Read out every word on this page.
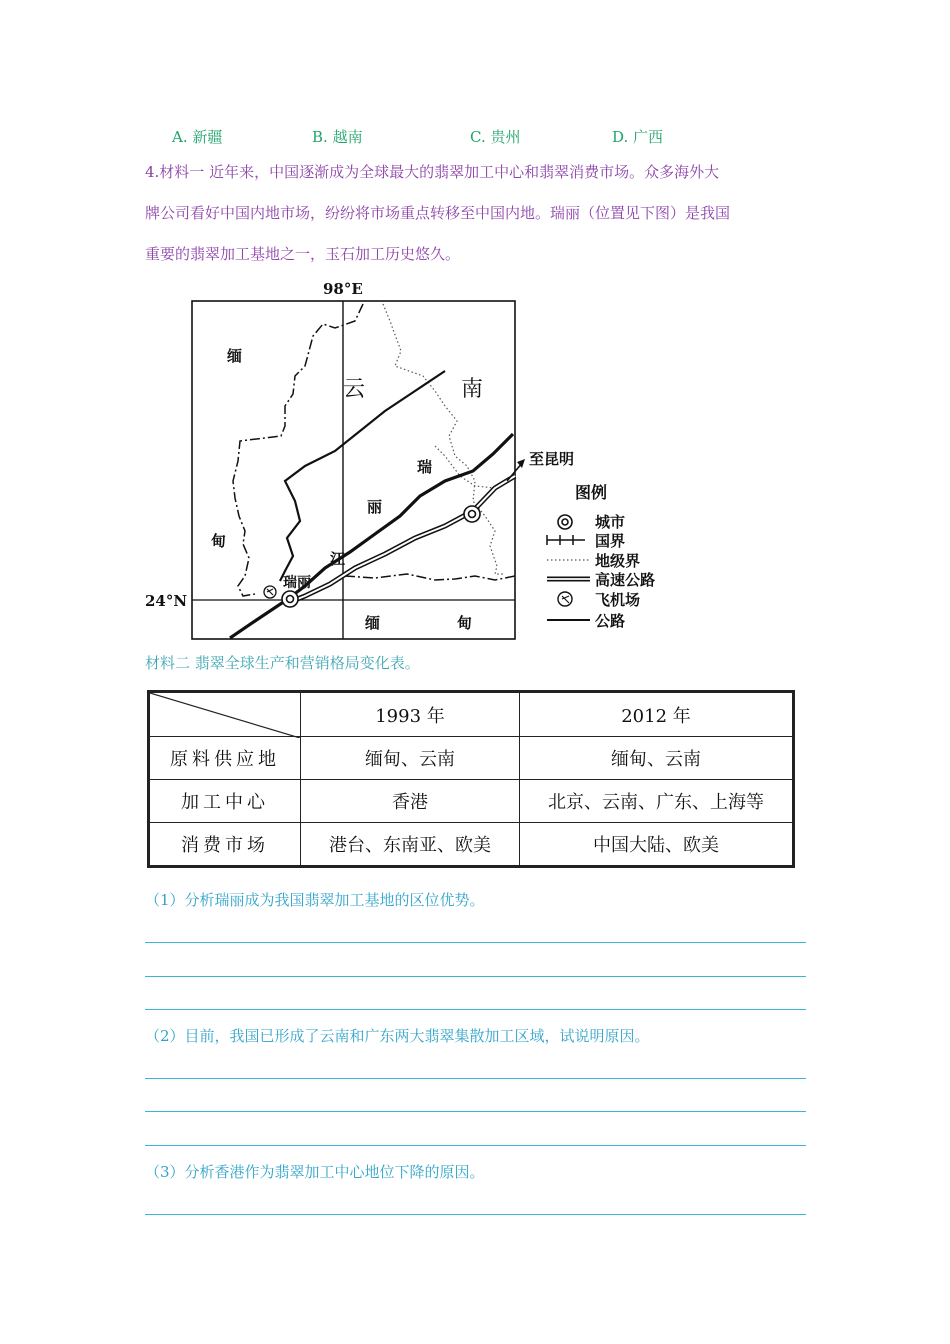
A. 新疆	B. 越南	C. 贵州	D. 广西
4.材料一 近年来，中国逐渐成为全球最大的翡翠加工中心和翡翠消费市场。众多海外大
牌公司看好中国内地市场，纷纷将市场重点转移至中国内地。瑞丽（位置见下图）是我国
重要的翡翠加工基地之一，玉石加工历史悠久。
98°E
24°N
至昆明
缅
甸
云	南
瑞
丽
江
瑞丽
缅	甸
图例
城市
国界
地级界
高速公路
飞机场
公路
材料二 翡翠全球生产和营销格局变化表。
	1993 年	2012 年
原料供应地	缅甸、云南	缅甸、云南
加工中心	香港	北京、云南、广东、上海等
消费市场	港台、东南亚、欧美	中国大陆、欧美
（1）分析瑞丽成为我国翡翠加工基地的区位优势。
（2）目前，我国已形成了云南和广东两大翡翠集散加工区域，试说明原因。
（3）分析香港作为翡翠加工中心地位下降的原因。
